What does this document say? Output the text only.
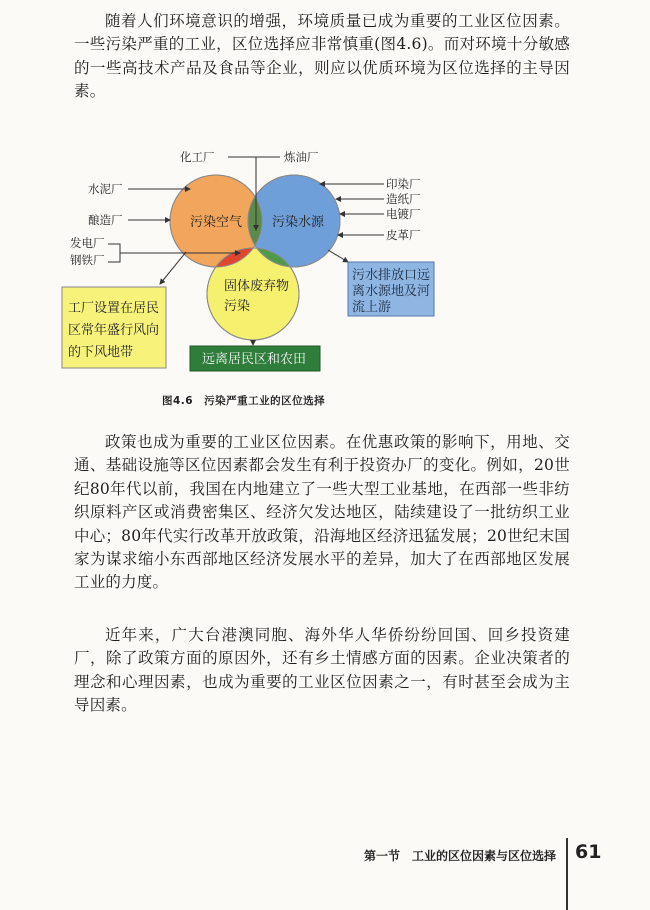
随着人们环境意识的增强，环境质量已成为重要的工业区位因素。一些污染严重的工业，区位选择应非常慎重(图4.6)。而对环境十分敏感的一些高技术产品及食品等企业，则应以优质环境为区位选择的主导因素。

污染空气 污染水源
固体废弃物
污染
化工厂	炼油厂
水泥厂
酿造厂
发电厂
钢铁厂
印染厂
造纸厂
电镀厂
皮革厂
工厂设置在居民
区常年盛行风向
的下风地带
污水排放口远
离水源地及河
流上游
远离居民区和农田
图4.6　污染严重工业的区位选择

政策也成为重要的工业区位因素。在优惠政策的影响下，用地、交通、基础设施等区位因素都会发生有利于投资办厂的变化。例如，20世纪80年代以前，我国在内地建立了一些大型工业基地，在西部一些非纺织原料产区或消费密集区、经济欠发达地区，陆续建设了一批纺织工业中心；80年代实行改革开放政策，沿海地区经济迅猛发展；20世纪末国家为谋求缩小东西部地区经济发展水平的差异，加大了在西部地区发展工业的力度。

近年来，广大台港澳同胞、海外华人华侨纷纷回国、回乡投资建厂，除了政策方面的原因外，还有乡土情感方面的因素。企业决策者的理念和心理因素，也成为重要的工业区位因素之一，有时甚至会成为主导因素。

第一节　工业的区位因素与区位选择 61
